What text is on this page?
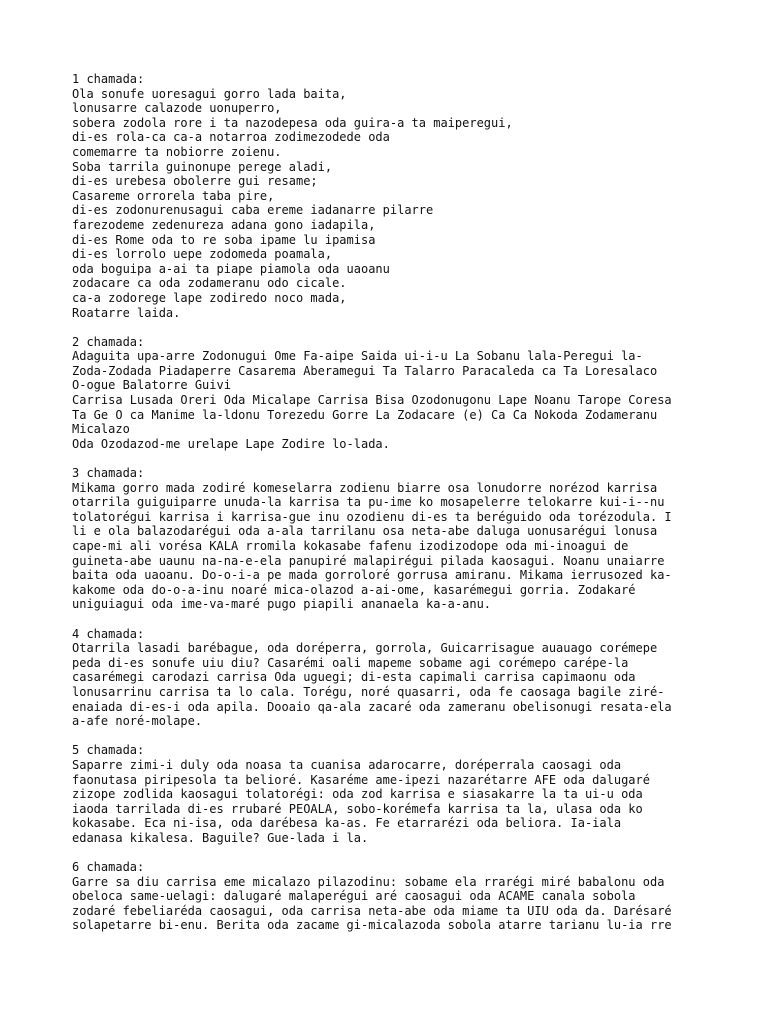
1 chamada:
Ola sonufe uoresagui gorro lada baita,
lonusarre calazode uonuperro,
sobera zodola rore i ta nazodepesa oda guira-a ta maiperegui,
di-es rola-ca ca-a notarroa zodimezodede oda
comemarre ta nobiorre zoienu.
Soba tarrila guinonupe perege aladi,
di-es urebesa obolerre gui resame;
Casareme orrorela taba pire,
di-es zodonurenusagui caba ereme iadanarre pilarre
farezodeme zedenureza adana gono iadapila,
di-es Rome oda to re soba ipame lu ipamisa
di-es lorrolo uepe zodomeda poamala,
oda boguipa a-ai ta piape piamola oda uaoanu
zodacare ca oda zodameranu odo cicale.
ca-a zodorege lape zodiredo noco mada,
Roatarre laida.
2 chamada:
Adaguita upa-arre Zodonugui Ome Fa-aipe Saida ui-i-u La Sobanu lala-Peregui la-
Zoda-Zodada Piadaperre Casarema Aberamegui Ta Talarro Paracaleda ca Ta Loresalaco
O-ogue Balatorre Guivi
Carrisa Lusada Oreri Oda Micalape Carrisa Bisa Ozodonugonu Lape Noanu Tarope Coresa
Ta Ge O ca Manime la-ldonu Torezedu Gorre La Zodacare (e) Ca Ca Nokoda Zodameranu
Micalazo
Oda Ozodazod-me urelape Lape Zodire lo-lada.
3 chamada:
Mikama gorro mada zodiré komeselarra zodienu biarre osa lonudorre norézod karrisa
otarrila guiguiparre unuda-la karrisa ta pu-ime ko mosapelerre telokarre kui-i--nu
tolatorégui karrisa i karrisa-gue inu ozodienu di-es ta beréguido oda torézodula. I
li e ola balazodarégui oda a-ala tarrilanu osa neta-abe daluga uonusarégui lonusa
cape-mi ali vorésa KALA rromila kokasabe fafenu izodizodope oda mi-inoagui de
guineta-abe uaunu na-na-e-ela panupiré malapirégui pilada kaosagui. Noanu unaiarre
baita oda uaoanu. Do-o-i-a pe mada gorroloré gorrusa amiranu. Mikama ierrusozed ka-
kakome oda do-o-a-inu noaré mica-olazod a-ai-ome, kasarémegui gorria. Zodakaré
uniguiagui oda ime-va-maré pugo piapili ananaela ka-a-anu.
4 chamada:
Otarrila lasadi barébague, oda doréperra, gorrola, Guicarrisague auauago corémepe
peda di-es sonufe uiu diu? Casarémi oali mapeme sobame agi corémepo carépe-la
casarémegi carodazi carrisa Oda uguegi; di-esta capimali carrisa capimaonu oda
lonusarrinu carrisa ta lo cala. Torégu, noré quasarri, oda fe caosaga bagile ziré-
enaiada di-es-i oda apila. Dooaio qa-ala zacaré oda zameranu obelisonugi resata-ela
a-afe noré-molape.
5 chamada:
Saparre zimi-i duly oda noasa ta cuanisa adarocarre, doréperrala caosagi oda
faonutasa piripesola ta belioré. Kasaréme ame-ipezi nazarétarre AFE oda dalugaré
zizope zodlida kaosagui tolatorégi: oda zod karrisa e siasakarre la ta ui-u oda
iaoda tarrilada di-es rrubaré PEOALA, sobo-korémefa karrisa ta la, ulasa oda ko
kokasabe. Eca ni-isa, oda darébesa ka-as. Fe etarrarézi oda beliora. Ia-iala
edanasa kikalesa. Baguile? Gue-lada i la.
6 chamada:
Garre sa diu carrisa eme micalazo pilazodinu: sobame ela rrarégi miré babalonu oda
obeloca same-uelagi: dalugaré malaperégui aré caosagui oda ACAME canala sobola
zodaré febeliaréda caosagui, oda carrisa neta-abe oda miame ta UIU oda da. Darésaré
solapetarre bi-enu. Berita oda zacame gi-micalazoda sobola atarre tarianu lu-ia rre
